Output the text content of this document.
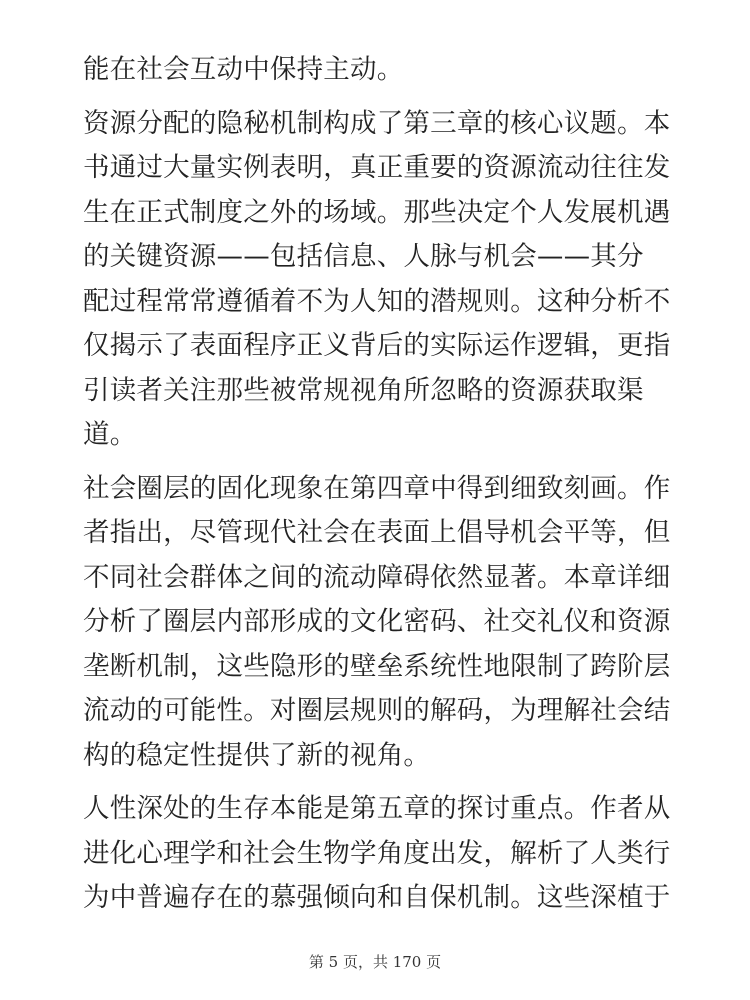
能在社会互动中保持主动。

资源分配的隐秘机制构成了第三章的核心议题。本
书通过大量实例表明，真正重要的资源流动往往发
生在正式制度之外的场域。那些决定个人发展机遇
的关键资源——包括信息、人脉与机会——其分
配过程常常遵循着不为人知的潜规则。这种分析不
仅揭示了表面程序正义背后的实际运作逻辑，更指
引读者关注那些被常规视角所忽略的资源获取渠
道。

社会圈层的固化现象在第四章中得到细致刻画。作
者指出，尽管现代社会在表面上倡导机会平等，但
不同社会群体之间的流动障碍依然显著。本章详细
分析了圈层内部形成的文化密码、社交礼仪和资源
垄断机制，这些隐形的壁垒系统性地限制了跨阶层
流动的可能性。对圈层规则的解码，为理解社会结
构的稳定性提供了新的视角。

人性深处的生存本能是第五章的探讨重点。作者从
进化心理学和社会生物学角度出发，解析了人类行
为中普遍存在的慕强倾向和自保机制。这些深植于

第 5 页，共 170 页
